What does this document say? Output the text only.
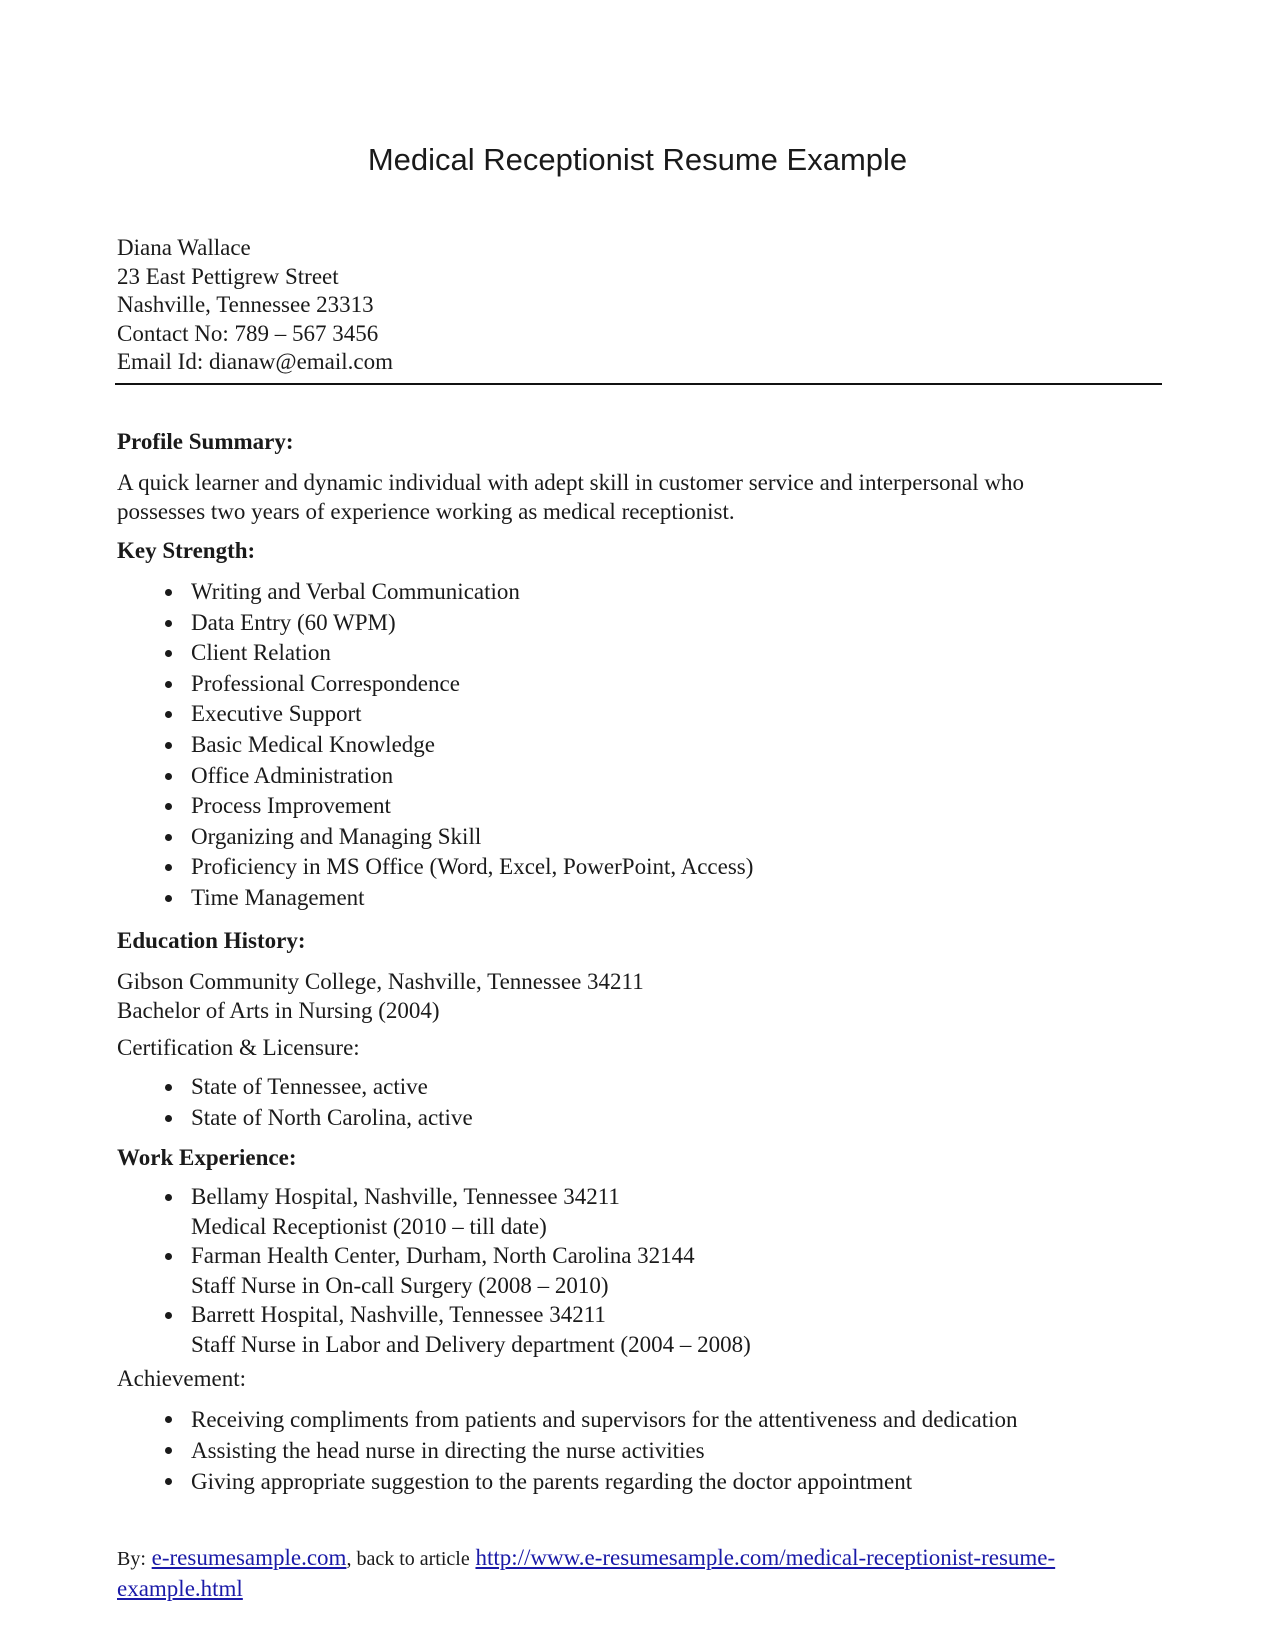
Medical Receptionist Resume Example
Diana Wallace
23 East Pettigrew Street
Nashville, Tennessee 23313
Contact No: 789 – 567 3456
Email Id: dianaw@email.com
Profile Summary:
A quick learner and dynamic individual with adept skill in customer service and interpersonal who
possesses two years of experience working as medical receptionist.
Key Strength:
Writing and Verbal Communication
Data Entry (60 WPM)
Client Relation
Professional Correspondence
Executive Support
Basic Medical Knowledge
Office Administration
Process Improvement
Organizing and Managing Skill
Proficiency in MS Office (Word, Excel, PowerPoint, Access)
Time Management
Education History:
Gibson Community College, Nashville, Tennessee 34211
Bachelor of Arts in Nursing (2004)
Certification & Licensure:
State of Tennessee, active
State of North Carolina, active
Work Experience:
Bellamy Hospital, Nashville, Tennessee 34211
Medical Receptionist (2010 – till date)
Farman Health Center, Durham, North Carolina 32144
Staff Nurse in On-call Surgery (2008 – 2010)
Barrett Hospital, Nashville, Tennessee 34211
Staff Nurse in Labor and Delivery department (2004 – 2008)
Achievement:
Receiving compliments from patients and supervisors for the attentiveness and dedication
Assisting the head nurse in directing the nurse activities
Giving appropriate suggestion to the parents regarding the doctor appointment
By: e-resumesample.com, back to article http://www.e-resumesample.com/medical-receptionist-resume-
example.html
